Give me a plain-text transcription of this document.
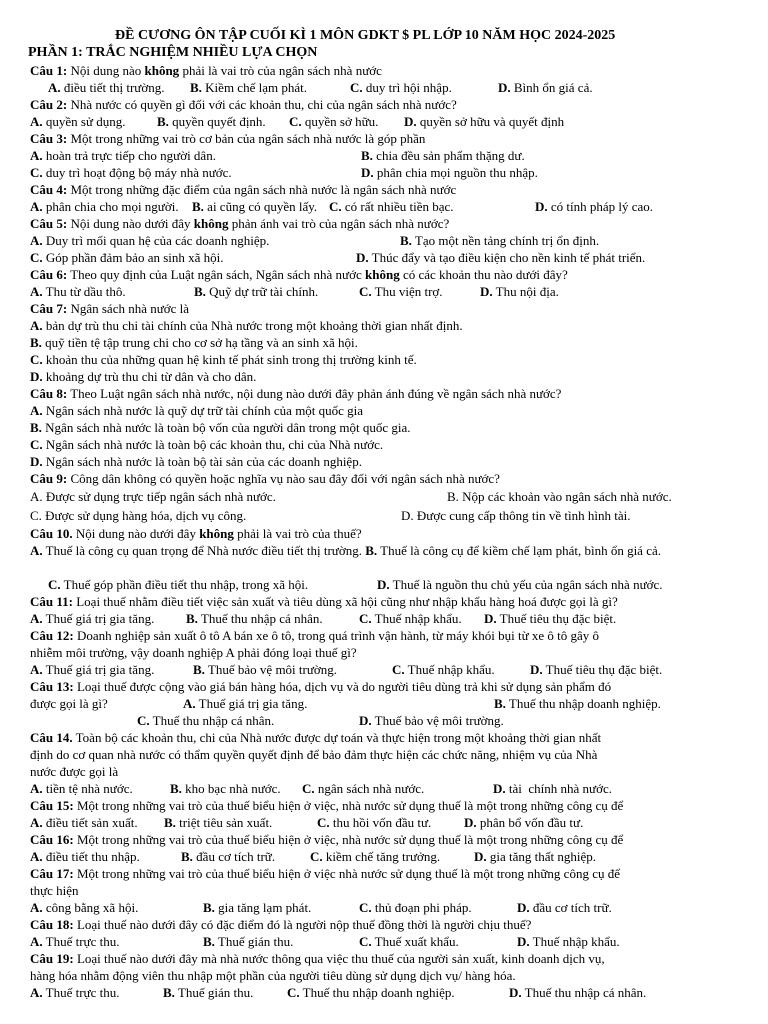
ĐỀ CƯƠNG ÔN TẬP CUỐI KÌ 1 MÔN GDKT $ PL LỚP 10 NĂM HỌC 2024-2025
PHẦN 1: TRẮC NGHIỆM NHIỀU LỰA CHỌN
Câu 1: Nội dung nào không phải là vai trò của ngân sách nhà nước
A. điều tiết thị trường. B. Kiềm chế lạm phát.	C. duy trì hội nhập.	D. Bình ổn giá cả.
Câu 2: Nhà nước có quyền gì đối với các khoản thu, chi của ngân sách nhà nước?
A. quyền sử dụng. B. quyền quyết định. C. quyền sở hữu. D. quyền sở hữu và quyết định
Câu 3: Một trong những vai trò cơ bản của ngân sách nhà nước là góp phần
A. hoàn trả trực tiếp cho người dân.	B. chia đều sản phẩm thặng dư.
C. duy trì hoạt động bộ máy nhà nước.	D. phân chia mọi nguồn thu nhập.
Câu 4: Một trong những đặc điểm của ngân sách nhà nước là ngân sách nhà nước
A. phân chia cho mọi người. B. ai cũng có quyền lấy. C. có rất nhiều tiền bạc.	D. có tính pháp lý cao.
Câu 5: Nội dung nào dưới đây không phản ánh vai trò của ngân sách nhà nước?
A. Duy trì mối quan hệ của các doanh nghiệp.	B. Tạo một nền tảng chính trị ổn định.
C. Góp phần đảm bảo an sinh xã hội.	D. Thúc đẩy và tạo điều kiện cho nền kinh tế phát triển.
Câu 6: Theo quy định của Luật ngân sách, Ngân sách nhà nước không có các khoản thu nào dưới đây?
A. Thu từ dầu thô.	B. Quỹ dự trữ tài chính.	C. Thu viện trợ.	D. Thu nội địa.
Câu 7: Ngân sách nhà nước là
A. bản dự trù thu chi tài chính của Nhà nước trong một khoảng thời gian nhất định.
B. quỹ tiền tệ tập trung chi cho cơ sở hạ tầng và an sinh xã hội.
C. khoản thu của những quan hệ kinh tế phát sinh trong thị trường kinh tế.
D. khoảng dự trù thu chi từ dân và cho dân.
Câu 8: Theo Luật ngân sách nhà nước, nội dung nào dưới đây phản ánh đúng về ngân sách nhà nước?
A. Ngân sách nhà nước là quỹ dự trữ tài chính của một quốc gia
B. Ngân sách nhà nước là toàn bộ vốn của người dân trong một quốc gia.
C. Ngân sách nhà nước là toàn bộ các khoản thu, chi của Nhà nước.
D. Ngân sách nhà nước là toàn bộ tài sản của các doanh nghiệp.
Câu 9: Công dân không có quyền hoặc nghĩa vụ nào sau đây đối với ngân sách nhà nước?
A. Được sử dụng trực tiếp ngân sách nhà nước.	B. Nộp các khoản vào ngân sách nhà nước.
C. Được sử dụng hàng hóa, dịch vụ công.	D. Được cung cấp thông tin về tình hình tài.
Câu 10. Nội dung nào dưới đây không phải là vai trò của thuế?
A. Thuế là công cụ quan trọng để Nhà nước điều tiết thị trường. B. Thuế là công cụ để kiềm chế lạm phát, bình ổn giá cả.
C. Thuế góp phần điều tiết thu nhập, trong xã hội.	D. Thuế là nguồn thu chủ yếu của ngân sách nhà nước.
Câu 11: Loại thuế nhằm điều tiết việc sản xuất và tiêu dùng xã hội cũng như nhập khẩu hàng hoá được gọi là gì?
A. Thuế giá trị gia tăng. B. Thuế thu nhập cá nhân.	C. Thuế nhập khẩu. D. Thuế tiêu thụ đặc biệt.
Câu 12: Doanh nghiệp sản xuất ô tô A bán xe ô tô, trong quá trình vận hành, từ máy khói bụi từ xe ô tô gây ô
nhiễm môi trường, vậy doanh nghiệp A phải đóng loại thuế gì?
A. Thuế giá trị gia tăng.	B. Thuế bảo vệ môi trường.	C. Thuế nhập khẩu.	D. Thuế tiêu thụ đặc biệt.
Câu 13: Loại thuế được cộng vào giá bán hàng hóa, dịch vụ và do người tiêu dùng trả khi sử dụng sản phẩm đó
được gọi là gì?	A. Thuế giá trị gia tăng.	B. Thuế thu nhập doanh nghiệp.
C. Thuế thu nhập cá nhân.	D. Thuế bảo vệ môi trường.
Câu 14. Toàn bộ các khoản thu, chi của Nhà nước được dự toán và thực hiện trong một khoảng thời gian nhất
định do cơ quan nhà nước có thẩm quyền quyết định để bảo đảm thực hiện các chức năng, nhiệm vụ của Nhà
nước được gọi là
A. tiền tệ nhà nước.	B. kho bạc nhà nước. C. ngân sách nhà nước.	D. tài  chính nhà nước.
Câu 15: Một trong những vai trò của thuế biểu hiện ở việc, nhà nước sử dụng thuế là một trong những công cụ để
A. điều tiết sản xuất. B. triệt tiêu sản xuất.	C. thu hồi vốn đầu tư.	D. phân bổ vốn đầu tư.
Câu 16: Một trong những vai trò của thuế biểu hiện ở việc, nhà nước sử dụng thuế là một trong những công cụ để
A. điều tiết thu nhập.	B. đầu cơ tích trữ.	C. kiềm chế tăng trưởng.	D. gia tăng thất nghiệp.
Câu 17: Một trong những vai trò của thuế biểu hiện ở việc nhà nước sử dụng thuế là một trong những công cụ để
thực hiện
A. công bằng xã hội.	B. gia tăng lạm phát.	C. thủ đoạn phi pháp.	D. đầu cơ tích trữ.
Câu 18: Loại thuế nào dưới đây có đặc điểm đó là người nộp thuế đồng thời là người chịu thuế?
A. Thuế trực thu.	B. Thuế gián thu.	C. Thuế xuất khẩu.	D. Thuế nhập khẩu.
Câu 19: Loại thuế nào dưới đây mà nhà nước thông qua việc thu thuế của người sản xuất, kinh doanh dịch vụ,
hàng hóa nhằm động viên thu nhập một phần của người tiêu dùng sử dụng dịch vụ/ hàng hóa.
A. Thuế trực thu.	B. Thuế gián thu.	C. Thuế thu nhập doanh nghiệp.	D. Thuế thu nhập cá nhân.
